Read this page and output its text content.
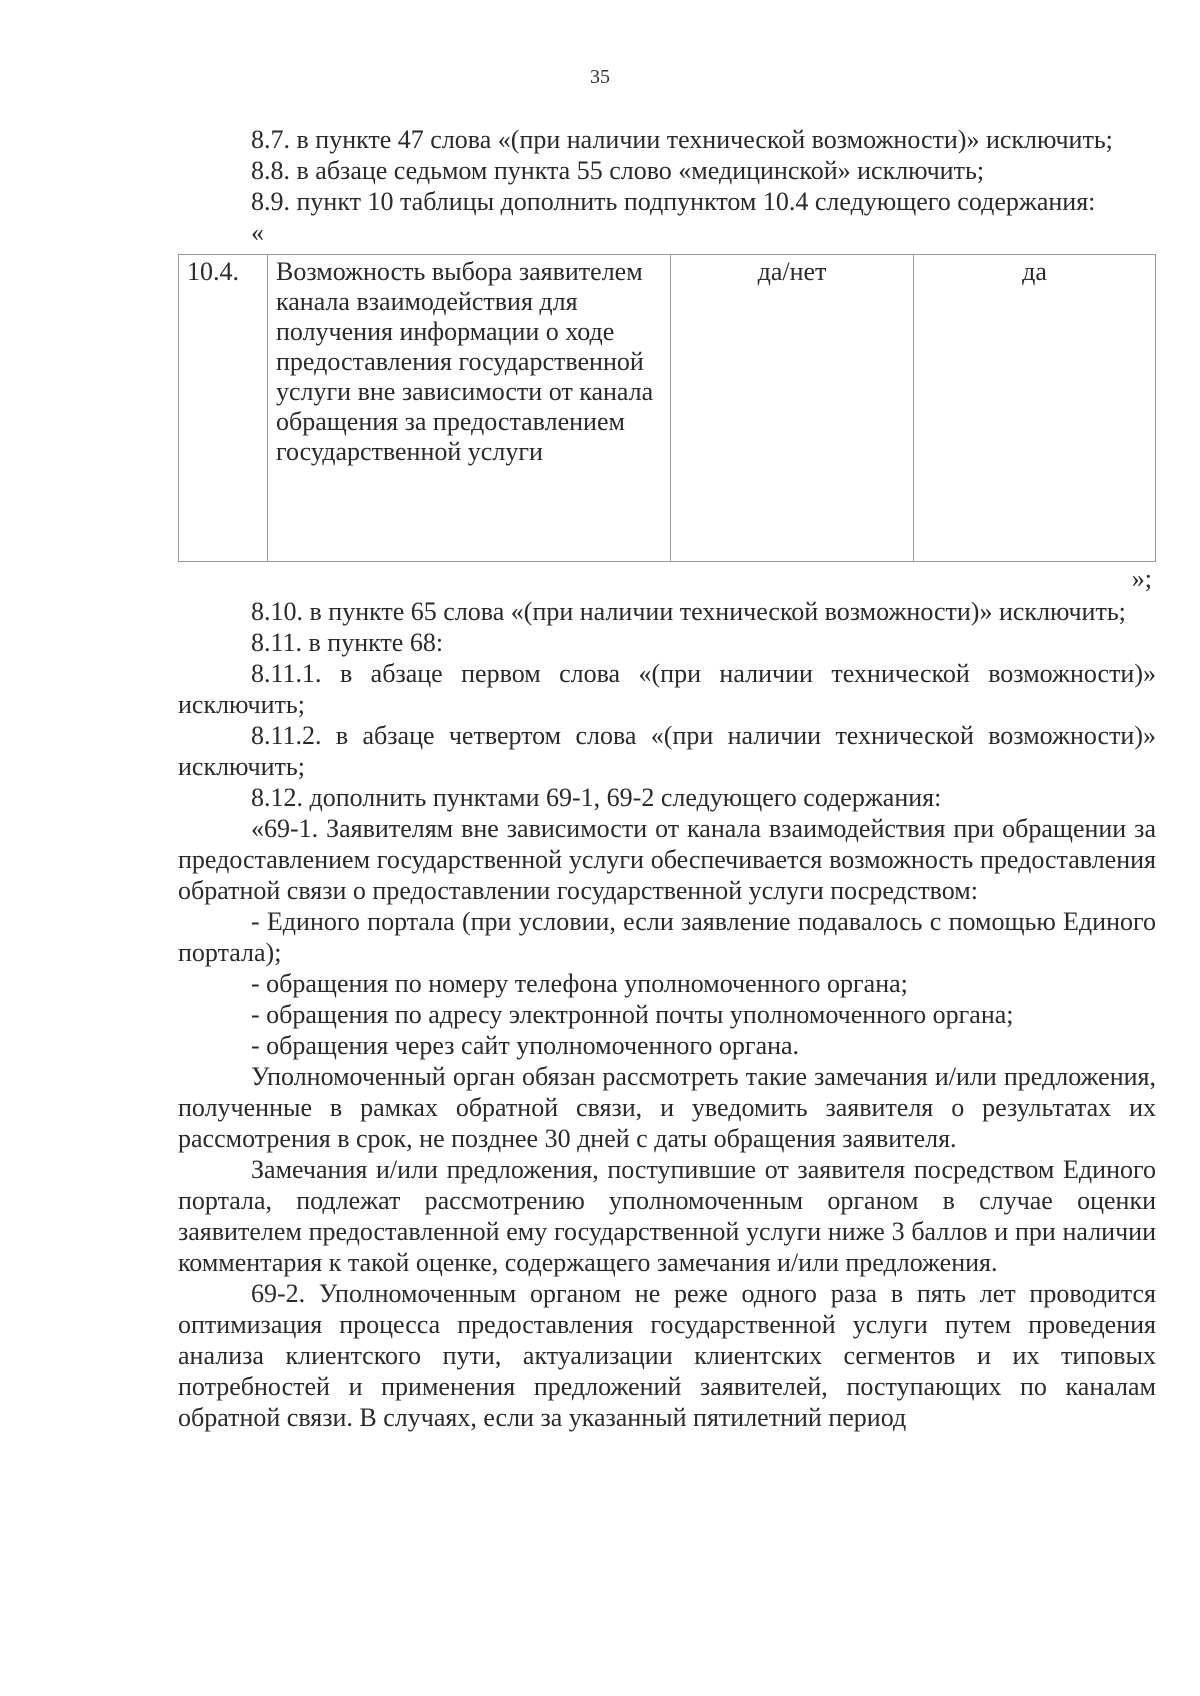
35

8.7. в пункте 47 слова «(при наличии технической возможности)» исключить;

8.8. в абзаце седьмом пункта 55 слово «медицинской» исключить;

8.9. пункт 10 таблицы дополнить подпунктом 10.4 следующего содержания:

«
10.4.	Возможность выбора заявителем канала взаимодействия для получения информации о ходе предоставления государственной услуги вне зависимости от канала обращения за предоставлением государственной услуги	да/нет	да
»;

8.10. в пункте 65 слова «(при наличии технической возможности)» исключить;

8.11. в пункте 68:

8.11.1. в абзаце первом слова «(при наличии технической возможности)» исключить;

8.11.2. в абзаце четвертом слова «(при наличии технической возможности)» исключить;

8.12. дополнить пунктами 69-1, 69-2 следующего содержания:

«69-1. Заявителям вне зависимости от канала взаимодействия при обращении за предоставлением государственной услуги обеспечивается возможность предоставления обратной связи о предоставлении государственной услуги посредством:

- Единого портала (при условии, если заявление подавалось с помощью Единого портала);

- обращения по номеру телефона уполномоченного органа;

- обращения по адресу электронной почты уполномоченного органа;

- обращения через сайт уполномоченного органа.

Уполномоченный орган обязан рассмотреть такие замечания и/или предложения, полученные в рамках обратной связи, и уведомить заявителя о результатах их рассмотрения в срок, не позднее 30 дней с даты обращения заявителя.

Замечания и/или предложения, поступившие от заявителя посредством Единого портала, подлежат рассмотрению уполномоченным органом в случае оценки заявителем предоставленной ему государственной услуги ниже 3 баллов и при наличии комментария к такой оценке, содержащего замечания и/или предложения.

69-2. Уполномоченным органом не реже одного раза в пять лет проводится оптимизация процесса предоставления государственной услуги путем проведения анализа клиентского пути, актуализации клиентских сегментов и их типовых потребностей и применения предложений заявителей, поступающих по каналам обратной связи. В случаях, если за указанный пятилетний период
